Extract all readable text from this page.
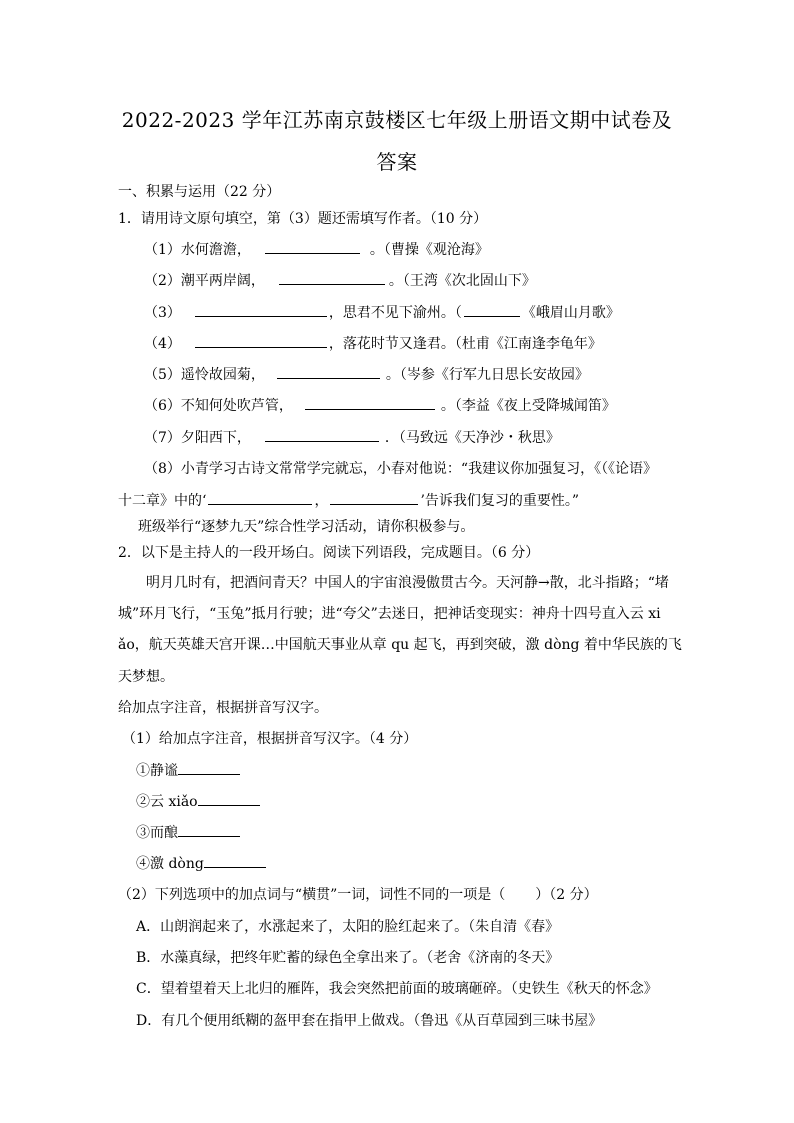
2022-2023 学年江苏南京鼓楼区七年级上册语文期中试卷及
答案
一、积累与运用（22 分）
1．请用诗文原句填空，第（3）题还需填写作者。（10 分）
（1）水何澹澹，	。（曹操《观沧海》
（2）潮平两岸阔，	。（王湾《次北固山下》
（3）	，思君不见下渝州。（	《峨眉山月歌》
（4）	，落花时节又逢君。（杜甫《江南逢李龟年》
（5）遥怜故园菊，	。（岑参《行军九日思长安故园》
（6）不知何处吹芦管，	。（李益《夜上受降城闻笛》
（7）夕阳西下，	．（马致远《天净沙・秋思》
（8）小青学习古诗文常常学完就忘，小春对他说：“我建议你加强复习，《（《论语》
十二章》中的‘	，	’告诉我们复习的重要性。”
班级举行“逐梦九天”综合性学习活动，请你积极参与。
2．以下是主持人的一段开场白。阅读下列语段，完成题目。（6 分）
明月几时有，把酒问青天？中国人的宇宙浪漫傲贯古今。天河静→散，北斗指路；“堵
城”环月飞行，“玉兔”抵月行驶；进“夸父”去迷日，把神话变现实：神舟十四号直入云 xi
ǎo，航天英雄天宫开课…中国航天事业从章 qu 起飞，再到突破，激 dòng 着中华民族的飞
天梦想。
给加点字注音，根据拼音写汉字。
（1）给加点字注音，根据拼音写汉字。（4 分）
①静谧
②云 xiǎo
③而酿
④激 dòng
（2）下列选项中的加点词与“横贯”一词，词性不同的一项是（ ）（2 分）
A．山朗润起来了，水涨起来了，太阳的脸红起来了。（朱自清《春》
B．水藻真绿，把终年贮蓄的绿色全拿出来了。（老舍《济南的冬天》
C．望着望着天上北归的雁阵，我会突然把前面的玻璃砸碎。（史铁生《秋天的怀念》
D．有几个便用纸糊的盔甲套在指甲上做戏。（鲁迅《从百草园到三味书屋》
